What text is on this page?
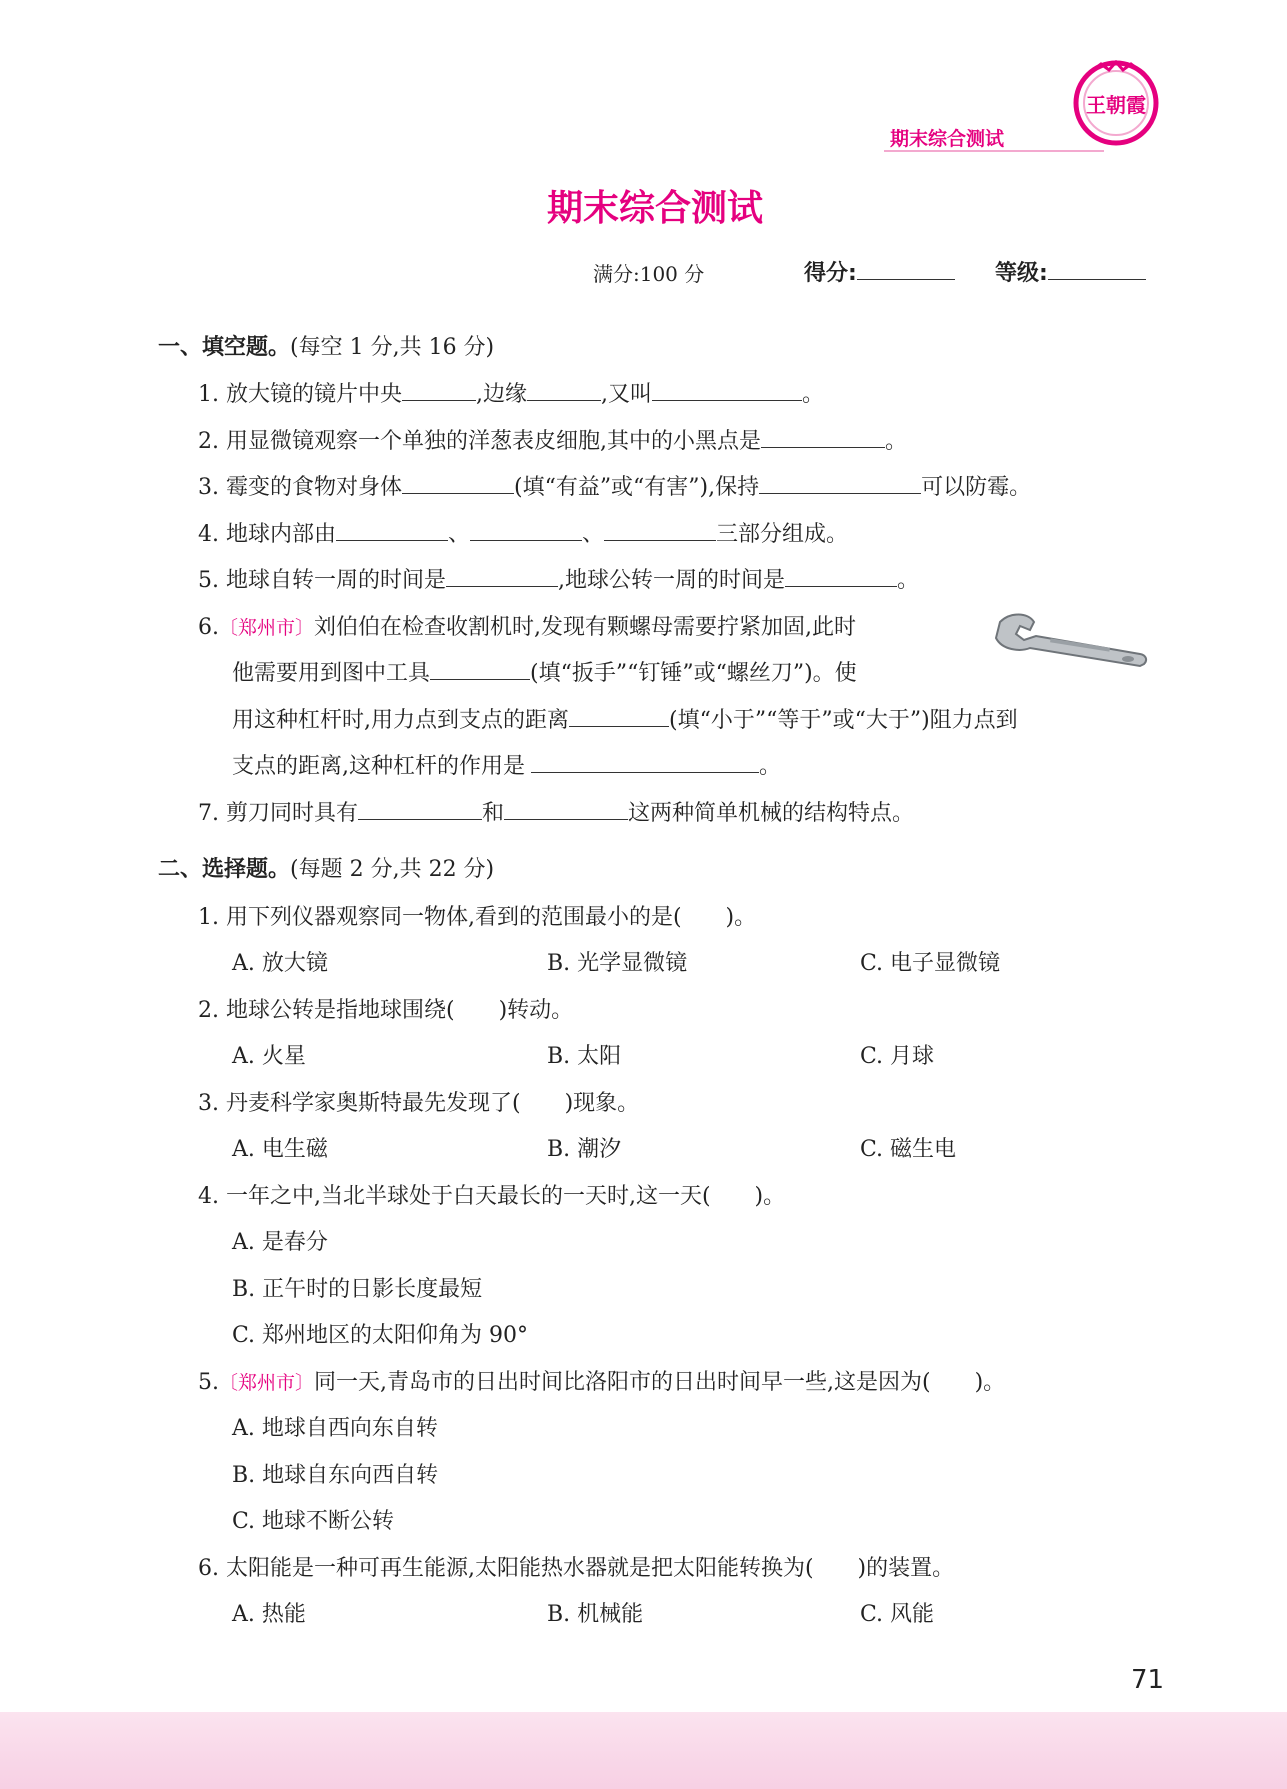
期末综合测试
王朝霞
期末综合测试
满分:100 分	得分:	等级:
一、填空题。(每空 1 分,共 16 分)
1. 放大镜的镜片中央	,边缘	,又叫	。
2. 用显微镜观察一个单独的洋葱表皮细胞,其中的小黑点是	。
3. 霉变的食物对身体	(填“有益”或“有害”),保持	可以防霉。
4. 地球内部由	、	、	三部分组成。
5. 地球自转一周的时间是	,地球公转一周的时间是	。
6.〔郑州市〕刘伯伯在检查收割机时,发现有颗螺母需要拧紧加固,此时
他需要用到图中工具	(填“扳手”“钉锤”或“螺丝刀”)。使
用这种杠杆时,用力点到支点的距离	(填“小于”“等于”或“大于”)阻力点到
支点的距离,这种杠杆的作用是	。
7. 剪刀同时具有	和	这两种简单机械的结构特点。
二、选择题。(每题 2 分,共 22 分)
1. 用下列仪器观察同一物体,看到的范围最小的是(　　)。
A. 放大镜	B. 光学显微镜	C. 电子显微镜
2. 地球公转是指地球围绕(　　)转动。
A. 火星	B. 太阳	C. 月球
3. 丹麦科学家奥斯特最先发现了(　　)现象。
A. 电生磁	B. 潮汐	C. 磁生电
4. 一年之中,当北半球处于白天最长的一天时,这一天(　　)。
A. 是春分
B. 正午时的日影长度最短
C. 郑州地区的太阳仰角为 90°
5.〔郑州市〕同一天,青岛市的日出时间比洛阳市的日出时间早一些,这是因为(　　)。
A. 地球自西向东自转
B. 地球自东向西自转
C. 地球不断公转
6. 太阳能是一种可再生能源,太阳能热水器就是把太阳能转换为(　　)的装置。
A. 热能	B. 机械能	C. 风能
71
